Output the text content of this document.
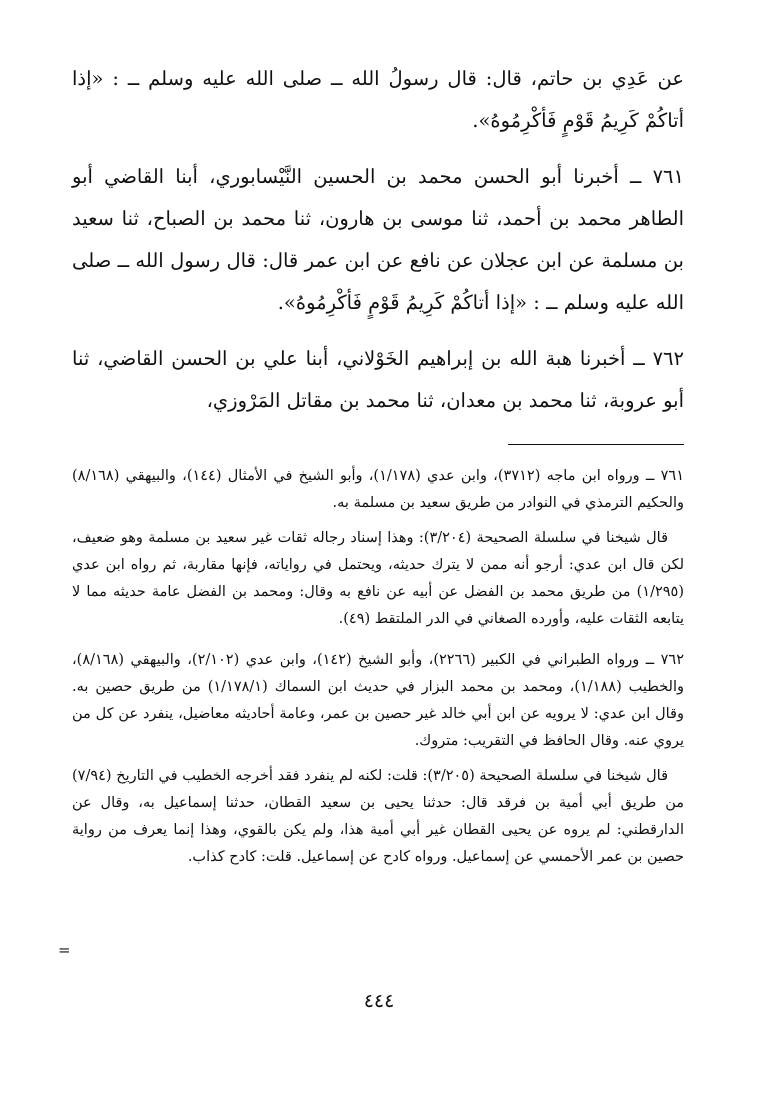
عن عَدِي بن حاتم، قال: قال رسولُ الله ــ صلى الله عليه وسلم ــ : «إذا أتاكُمْ كَرِيمُ قَوْمٍ فَأكْرِمُوهُ».

٧٦١ ــ أخبرنا أبو الحسن محمد بن الحسين النَّيْسابوري، أبنا القاضي أبو الطاهر محمد بن أحمد، ثنا موسى بن هارون، ثنا محمد بن الصباح، ثنا سعيد بن مسلمة عن ابن عجلان عن نافع عن ابن عمر قال: قال رسول الله ــ صلى الله عليه وسلم ــ : «إذا أتاكُمْ كَرِيمُ قَوْمٍ فَأكْرِمُوهُ».

٧٦٢ ــ أخبرنا هبة الله بن إبراهيم الخَوْلاني، أبنا علي بن الحسن القاضي، ثنا أبو عروبة، ثنا محمد بن معدان، ثنا محمد بن مقاتل المَرْوزي،

٧٦١ ــ ورواه ابن ماجه (٣٧١٢)، وابن عدي (١/١٧٨)، وأبو الشيخ في الأمثال (١٤٤)، والبيهقي (٨/١٦٨) والحكيم الترمذي في النوادر من طريق سعيد بن مسلمة به.

قال شيخنا في سلسلة الصحيحة (٣/٢٠٤): وهذا إسناد رجاله ثقات غير سعيد بن مسلمة وهو ضعيف، لكن قال ابن عدي: أرجو أنه ممن لا يترك حديثه، ويحتمل في رواياته، فإنها مقاربة، ثم رواه ابن عدي (١/٢٩٥) من طريق محمد بن الفضل عن أبيه عن نافع به وقال: ومحمد بن الفضل عامة حديثه مما لا يتابعه الثقات عليه، وأورده الصغاني في الدر الملتقط (٤٩).

٧٦٢ ــ ورواه الطبراني في الكبير (٢٢٦٦)، وأبو الشيخ (١٤٢)، وابن عدي (٢/١٠٢)، والبيهقي (٨/١٦٨)، والخطيب (١/١٨٨)، ومحمد بن محمد البزار في حديث ابن السماك (١/١٧٨/١) من طريق حصين به. وقال ابن عدي: لا يرويه عن ابن أبي خالد غير حصين بن عمر، وعامة أحاديثه معاضيل، ينفرد عن كل من يروي عنه. وقال الحافظ في التقريب: متروك.

قال شيخنا في سلسلة الصحيحة (٣/٢٠٥): قلت: لكنه لم ينفرد فقد أخرجه الخطيب في التاريخ (٧/٩٤) من طريق أبي أمية بن فرقد قال: حدثنا يحيى بن سعيد القطان، حدثنا إسماعيل به، وقال عن الدارقطني: لم يروه عن يحيى القطان غير أبي أمية هذا، ولم يكن بالقوي، وهذا إنما يعرف من رواية حصين بن عمر الأحمسي عن إسماعيل. ورواه كادح عن إسماعيل. قلت: كادح كذاب.

=
٤٤٤
